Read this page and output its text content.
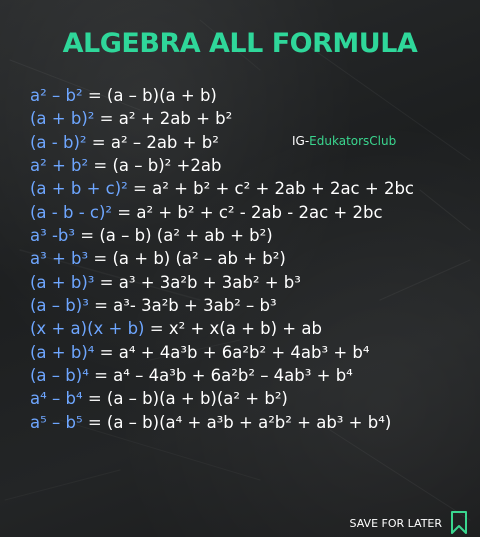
ALGEBRA ALL FORMULA
IG-EdukatorsClub
a² – b² = (a – b)(a + b)
(a + b)² = a² + 2ab + b²
(a - b)² = a² – 2ab + b²
a² + b² = (a – b)² +2ab
(a + b + c)² = a² + b² + c² + 2ab + 2ac + 2bc
(a - b - c)² = a² + b² + c² - 2ab - 2ac + 2bc
a³ -b³ = (a – b) (a² + ab + b²)
a³ + b³ = (a + b) (a² – ab + b²)
(a + b)³ = a³ + 3a²b + 3ab² + b³
(a – b)³ = a³- 3a²b + 3ab² – b³
(x + a)(x + b) = x² + x(a + b) + ab
(a + b)⁴ = a⁴ + 4a³b + 6a²b² + 4ab³ + b⁴
(a – b)⁴ = a⁴ – 4a³b + 6a²b² – 4ab³ + b⁴
a⁴ – b⁴ = (a – b)(a + b)(a² + b²)
a⁵ – b⁵ = (a – b)(a⁴ + a³b + a²b² + ab³ + b⁴)
SAVE FOR LATER
